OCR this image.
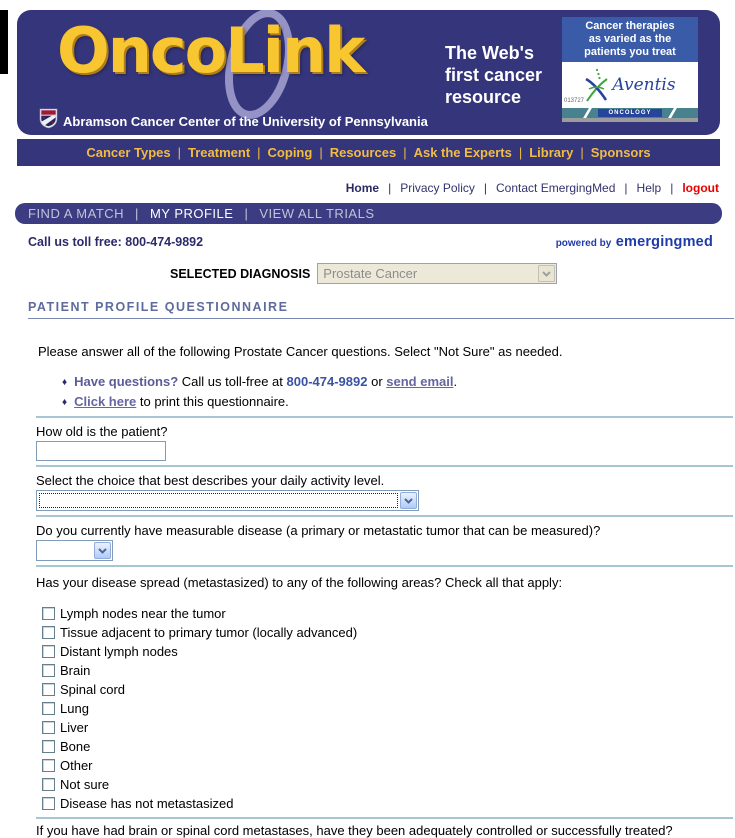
OncoLink	The Web's
first cancer
resource
Cancer therapies
as varied as the
patients you treat
Aventis
013727
ONCOLOGY
Abramson Cancer Center of the University of Pennsylvania
Cancer Types | Treatment | Coping | Resources | Ask the Experts | Library| Sponsors
Home | Privacy Policy | Contact EmergingMed | Help | logout
FIND A MATCH | MY PROFILE | VIEW ALL TRIALS
Call us toll free: 800-474-9892	powered by emergingmed
SELECTED DIAGNOSIS	Prostate Cancer
PATIENT PROFILE QUESTIONNAIRE
Please answer all of the following Prostate Cancer questions. Select "Not Sure" as needed.
♦ Have questions? Call us toll-free at 800-474-9892 or send email.
♦ Click here to print this questionnaire.
How old is the patient?
Select the choice that best describes your daily activity level.
Do you currently have measurable disease (a primary or metastatic tumor that can be measured)?
Has your disease spread (metastasized) to any of the following areas? Check all that apply:
Lymph nodes near the tumor
Tissue adjacent to primary tumor (locally advanced)
Distant lymph nodes
Brain
Spinal cord
Lung
Liver
Bone
Other
Not sure
Disease has not metastasized
If you have had brain or spinal cord metastases, have they been adequately controlled or successfully treated?
